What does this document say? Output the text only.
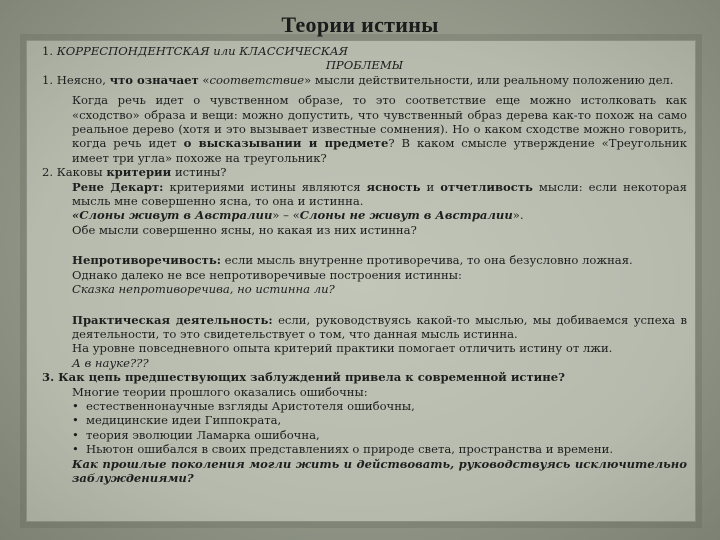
Теории истины

1. КОРРЕСПОНДЕНТСКАЯ или КЛАССИЧЕСКАЯ

ПРОБЛЕМЫ

1. Неясно, что означает «соответствие» мысли действительности, или реальному положению дел.

Когда речь идет о чувственном образе, то это соответствие еще можно истолковать как «сходство» образа и вещи: можно допустить, что чувственный образ дерева как-то похож на само реальное дерево (хотя и это вызывает известные сомнения). Но о каком сходстве можно говорить, когда речь идет о высказывании и предмете? В каком смысле утверждение «Треугольник имеет три угла» похоже на треугольник?

2. Каковы критерии истины?

Рене Декарт: критериями истины являются ясность и отчетливость мысли: если некоторая мысль мне совершенно ясна, то она и истинна.

«Слоны живут в Австралии» – «Слоны не живут в Австралии».

Обе мысли совершенно ясны, но какая из них истинна?

Непротиворечивость: если мысль внутренне противоречива, то она безусловно ложная.

Однако далеко не все непротиворечивые построения истинны:

Сказка непротиворечива, но истинна ли?

Практическая деятельность: если, руководствуясь какой-то мыслью, мы добиваемся успеха в деятельности, то это свидетельствует о том, что данная мысль истинна.

На уровне повседневного опыта критерий практики помогает отличить истину от лжи.

А в науке???

3. Как цепь предшествующих заблуждений привела к современной истине?

Многие теории прошлого оказались ошибочны:

• естественнонаучные взгляды Аристотеля ошибочны,
• медицинские идеи Гиппократа,
• теория эволюции Ламарка ошибочна,
• Ньютон ошибался в своих представлениях о природе света, пространства и времени.

Как прошлые поколения могли жить и действовать, руководствуясь исключительно заблуждениями?
